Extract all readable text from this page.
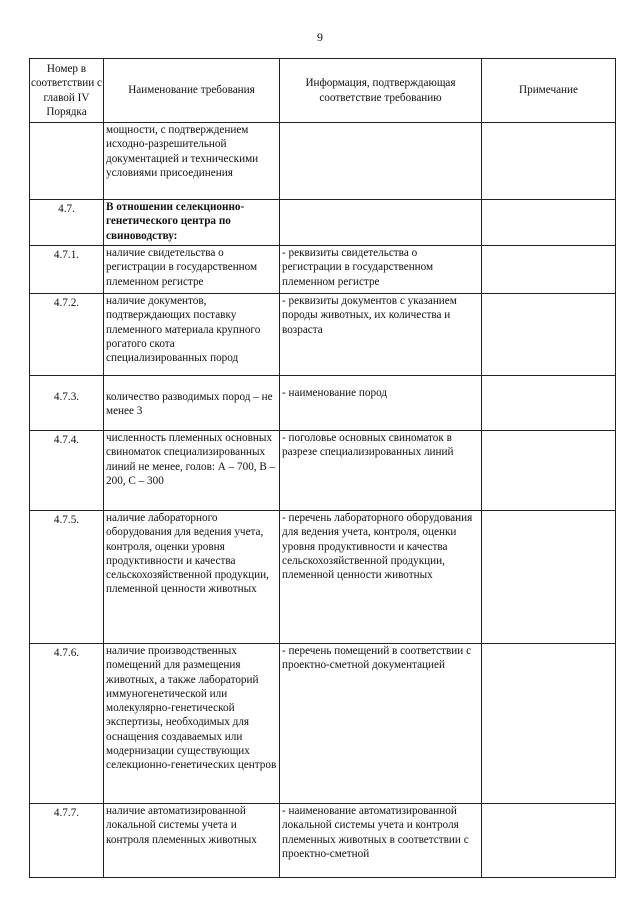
9
Номер в соответствии с главой IV Порядка	Наименование требования	Информация, подтверждающая соответствие требованию	Примечание
	мощности, с подтверждением исходно-разрешительной документацией и техническими условиями присоединения		
4.7.	В отношении селекционно-генетического центра по свиноводству:		
4.7.1.	наличие свидетельства о регистрации в государственном племенном регистре	- реквизиты свидетельства о регистрации в государственном племенном регистре	
4.7.2.	наличие документов, подтверждающих поставку племенного материала крупного рогатого скота специализированных пород	- реквизиты документов с указанием породы животных, их количества и возраста	
4.7.3.	количество разводимых пород – не менее 3	- наименование пород	
4.7.4.	численность племенных основных свиноматок специализированных линий не менее, голов: А – 700, В – 200, С – 300	- поголовье основных свиноматок в разрезе специализированных линий	
4.7.5.	наличие лабораторного оборудования для ведения учета, контроля, оценки уровня продуктивности и качества сельскохозяйственной продукции, племенной ценности животных	- перечень лабораторного оборудования для ведения учета, контроля, оценки уровня продуктивности и качества сельскохозяйственной продукции, племенной ценности животных	
4.7.6.	наличие производственных помещений для размещения животных, а также лабораторий иммуногенетической или молекулярно-генетической экспертизы, необходимых для оснащения создаваемых или модернизации существующих селекционно-генетических центров	- перечень помещений в соответствии с проектно-сметной документацией	
4.7.7.	наличие автоматизированной локальной системы учета и контроля племенных животных	- наименование автоматизированной локальной системы учета и контроля племенных животных в соответствии с проектно-сметной	
